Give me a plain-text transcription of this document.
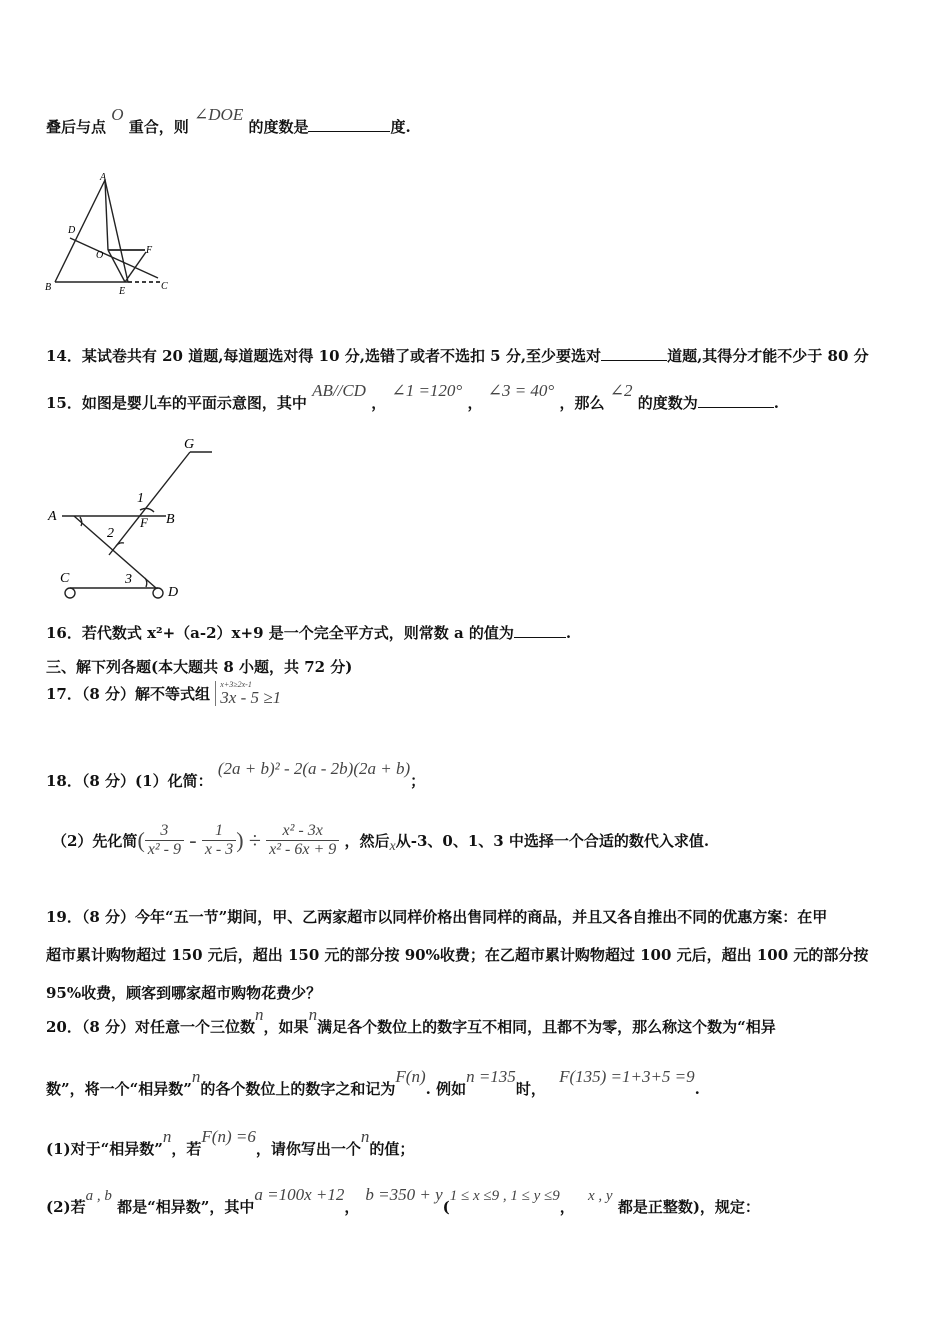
叠后与点 O 重合，则 ∠DOE 的度数是	度.
A
D
O	F
B	E	C
14．某试卷共有 20 道题,每道题选对得 10 分,选错了或者不选扣 5 分,至少要选对	道题,其得分才能不少于 80 分
15．如图是婴儿车的平面示意图，其中 AB//CD ， ∠1 =120° ， ∠3 = 40° ，那么 ∠2 的度数为	.
G
A	B
F
1
2
3
C
D
16．若代数式 x²+（a-2）x+9 是一个完全平方式，则常数 a 的值为	.
三、解下列各题(本大题共 8 小题，共 72 分)
17．（8 分）解不等式组
x+3≥2x-1
3x - 5 ≥1
18．（8 分）(1）化简： (2a + b)² - 2(a - 2b)(2a + b)；
（2）先化简( $\frac{3}{\text{x² - 9}} - \frac{1}{x - 3}$ ) ÷ $\frac{\text{x² - 3x}}{\text{x² - 6x + 9}}$ ，然后x从-3、0、1、3 中选择一个合适的数代入求值.
19．（8 分）今年“五一节”期间，甲、乙两家超市以同样价格出售同样的商品，并且又各自推出不同的优惠方案：在甲
超市累计购物超过 150 元后，超出 150 元的部分按 90%收费；在乙超市累计购物超过 100 元后，超出 100 元的部分按
95%收费，顾客到哪家超市购物花费少？
20．（8 分）对任意一个三位数n，如果n满足各个数位上的数字互不相同，且都不为零，那么称这个数为“相异
数”，将一个“相异数”n的各个数位上的数字之和记为F(n). 例如n =135时， F(135) =1+3+5 =9.
(1)对于“相异数”n，若F(n) =6，请你写出一个n的值；
(2)若a , b 都是“相异数”，其中a =100x +12，b =350 + y(1 ≤ x ≤9 , 1 ≤ y ≤9， x , y 都是正整数)，规定：
